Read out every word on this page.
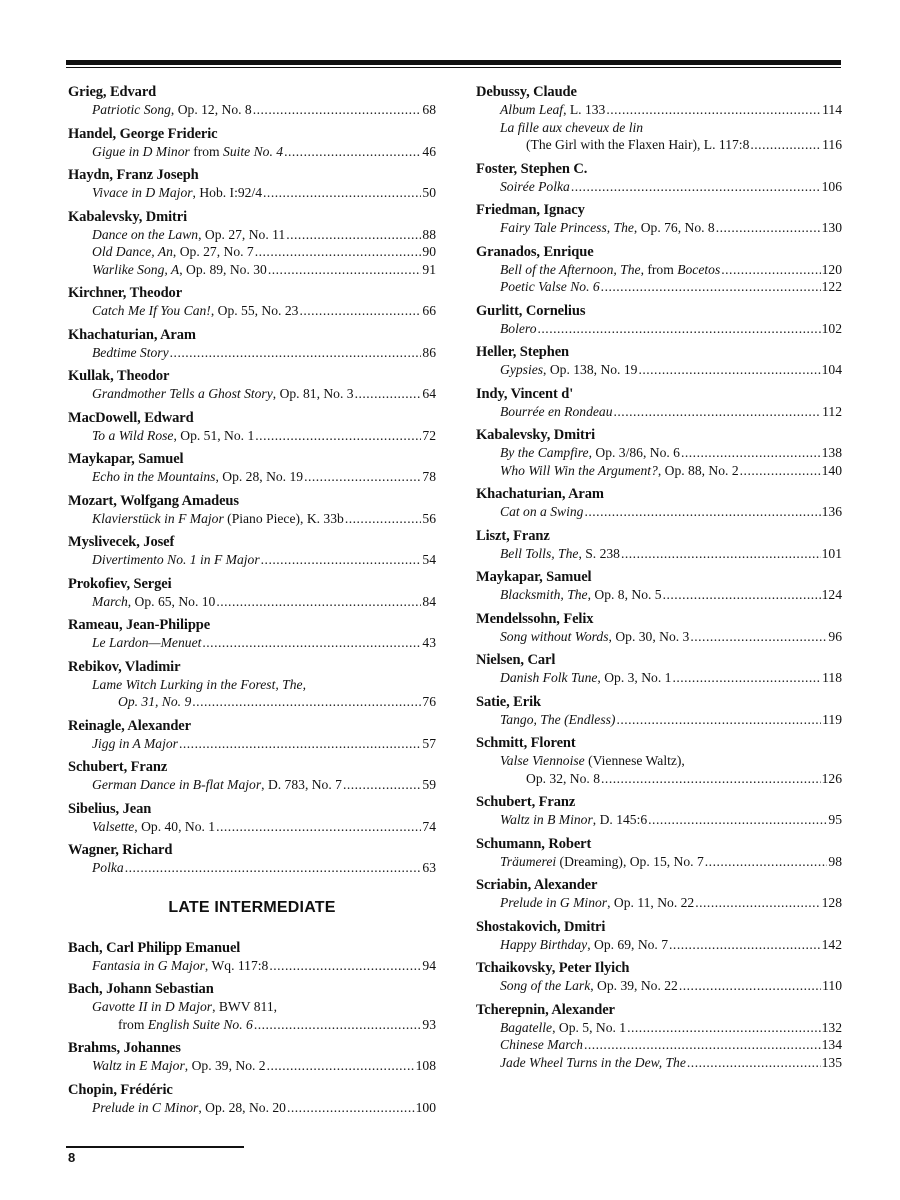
Grieg, Edvard
Patriotic Song, Op. 12, No. 8 .....	68
Handel, George Frideric
Gigue in D Minor from Suite No. 4 .....	46
Haydn, Franz Joseph
Vivace in D Major, Hob. I:92/4 .....	50
Kabalevsky, Dmitri
Dance on the Lawn, Op. 27, No. 11 .....	88
Old Dance, An, Op. 27, No. 7 .....	90
Warlike Song, A, Op. 89, No. 30 .....	91
Kirchner, Theodor
Catch Me If You Can!, Op. 55, No. 23 .....	66
Khachaturian, Aram
Bedtime Story .....	86
Kullak, Theodor
Grandmother Tells a Ghost Story, Op. 81, No. 3 .....	64
MacDowell, Edward
To a Wild Rose, Op. 51, No. 1 .....	72
Maykapar, Samuel
Echo in the Mountains, Op. 28, No. 19 .....	78
Mozart, Wolfgang Amadeus
Klavierstück in F Major (Piano Piece), K. 33b .....	56
Myslivecek, Josef
Divertimento No. 1 in F Major .....	54
Prokofiev, Sergei
March, Op. 65, No. 10 .....	84
Rameau, Jean-Philippe
Le Lardon—Menuet .....	43
Rebikov, Vladimir
Lame Witch Lurking in the Forest, The,
Op. 31, No. 9 .....	76
Reinagle, Alexander
Jigg in A Major .....	57
Schubert, Franz
German Dance in B-flat Major, D. 783, No. 7 .....	59
Sibelius, Jean
Valsette, Op. 40, No. 1 .....	74
Wagner, Richard
Polka .....	63
LATE INTERMEDIATE
Bach, Carl Philipp Emanuel
Fantasia in G Major, Wq. 117:8 .....	94
Bach, Johann Sebastian
Gavotte II in D Major, BWV 811,
from English Suite No. 6 .....	93
Brahms, Johannes
Waltz in E Major, Op. 39, No. 2 .....	108
Chopin, Frédéric
Prelude in C Minor, Op. 28, No. 20 .....	100
Debussy, Claude
Album Leaf, L. 133 .....	114
La fille aux cheveux de lin
(The Girl with the Flaxen Hair), L. 117:8 .....	116
Foster, Stephen C.
Soirée Polka .....	106
Friedman, Ignacy
Fairy Tale Princess, The, Op. 76, No. 8 .....	130
Granados, Enrique
Bell of the Afternoon, The, from Bocetos .....	120
Poetic Valse No. 6 .....	122
Gurlitt, Cornelius
Bolero .....	102
Heller, Stephen
Gypsies, Op. 138, No. 19 .....	104
Indy, Vincent d'
Bourrée en Rondeau .....	112
Kabalevsky, Dmitri
By the Campfire, Op. 3/86, No. 6 .....	138
Who Will Win the Argument?, Op. 88, No. 2 .....	140
Khachaturian, Aram
Cat on a Swing .....	136
Liszt, Franz
Bell Tolls, The, S. 238 .....	101
Maykapar, Samuel
Blacksmith, The, Op. 8, No. 5 .....	124
Mendelssohn, Felix
Song without Words, Op. 30, No. 3 .....	96
Nielsen, Carl
Danish Folk Tune, Op. 3, No. 1 .....	118
Satie, Erik
Tango, The (Endless) .....	119
Schmitt, Florent
Valse Viennoise (Viennese Waltz),
Op. 32, No. 8 .....	126
Schubert, Franz
Waltz in B Minor, D. 145:6 .....	95
Schumann, Robert
Träumerei (Dreaming), Op. 15, No. 7 .....	98
Scriabin, Alexander
Prelude in G Minor, Op. 11, No. 22 .....	128
Shostakovich, Dmitri
Happy Birthday, Op. 69, No. 7 .....	142
Tchaikovsky, Peter Ilyich
Song of the Lark, Op. 39, No. 22 .....	110
Tcherepnin, Alexander
Bagatelle, Op. 5, No. 1 .....	132
Chinese March .....	134
Jade Wheel Turns in the Dew, The .....	135
8
